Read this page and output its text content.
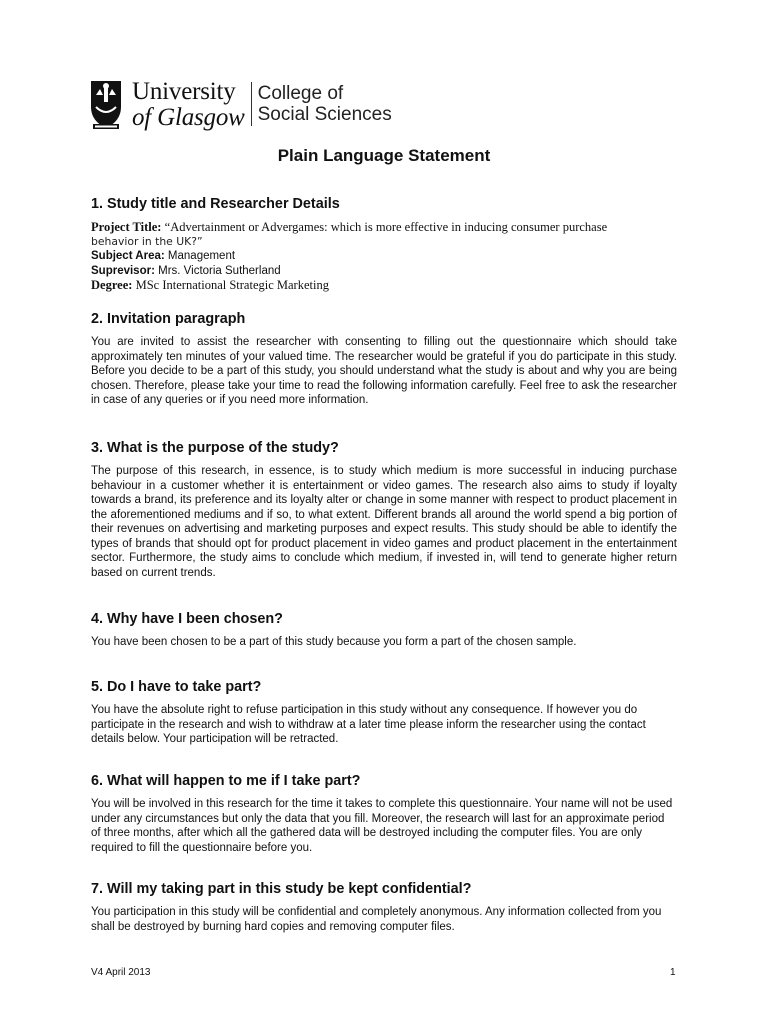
University
of Glasgow
College of
Social Sciences
Plain Language Statement
1. Study title and Researcher Details
Project Title: “Advertainment or Advergames: which is more effective in inducing consumer purchase
behavior in the UK?”
Subject Area: Management
Suprevisor: Mrs. Victoria Sutherland
Degree: MSc International Strategic Marketing
2. Invitation paragraph

You are invited to assist the researcher with consenting to filling out the questionnaire which should take approximately ten minutes of your valued time. The researcher would be grateful if you do participate in this study. Before you decide to be a part of this study, you should understand what the study is about and why you are being chosen. Therefore, please take your time to read the following information carefully. Feel free to ask the researcher in case of any queries or if you need more information.

3. What is the purpose of the study?

The purpose of this research, in essence, is to study which medium is more successful in inducing purchase behaviour in a customer whether it is entertainment or video games. The research also aims to study if loyalty towards a brand, its preference and its loyalty alter or change in some manner with respect to product placement in the aforementioned mediums and if so, to what extent. Different brands all around the world spend a big portion of their revenues on advertising and marketing purposes and expect results. This study should be able to identify the types of brands that should opt for product placement in video games and product placement in the entertainment sector. Furthermore, the study aims to conclude which medium, if invested in, will tend to generate higher return based on current trends.

4. Why have I been chosen?

You have been chosen to be a part of this study because you form a part of the chosen sample.

5. Do I have to take part?

You have the absolute right to refuse participation in this study without any consequence. If however you do participate in the research and wish to withdraw at a later time please inform the researcher using the contact details below. Your participation will be retracted.

6. What will happen to me if I take part?

You will be involved in this research for the time it takes to complete this questionnaire. Your name will not be used under any circumstances but only the data that you fill. Moreover, the research will last for an approximate period of three months, after which all the gathered data will be destroyed including the computer files. You are only required to fill the questionnaire before you.

7. Will my taking part in this study be kept confidential?

You participation in this study will be confidential and completely anonymous. Any information collected from you shall be destroyed by burning hard copies and removing computer files.

V4 April 2013	1
